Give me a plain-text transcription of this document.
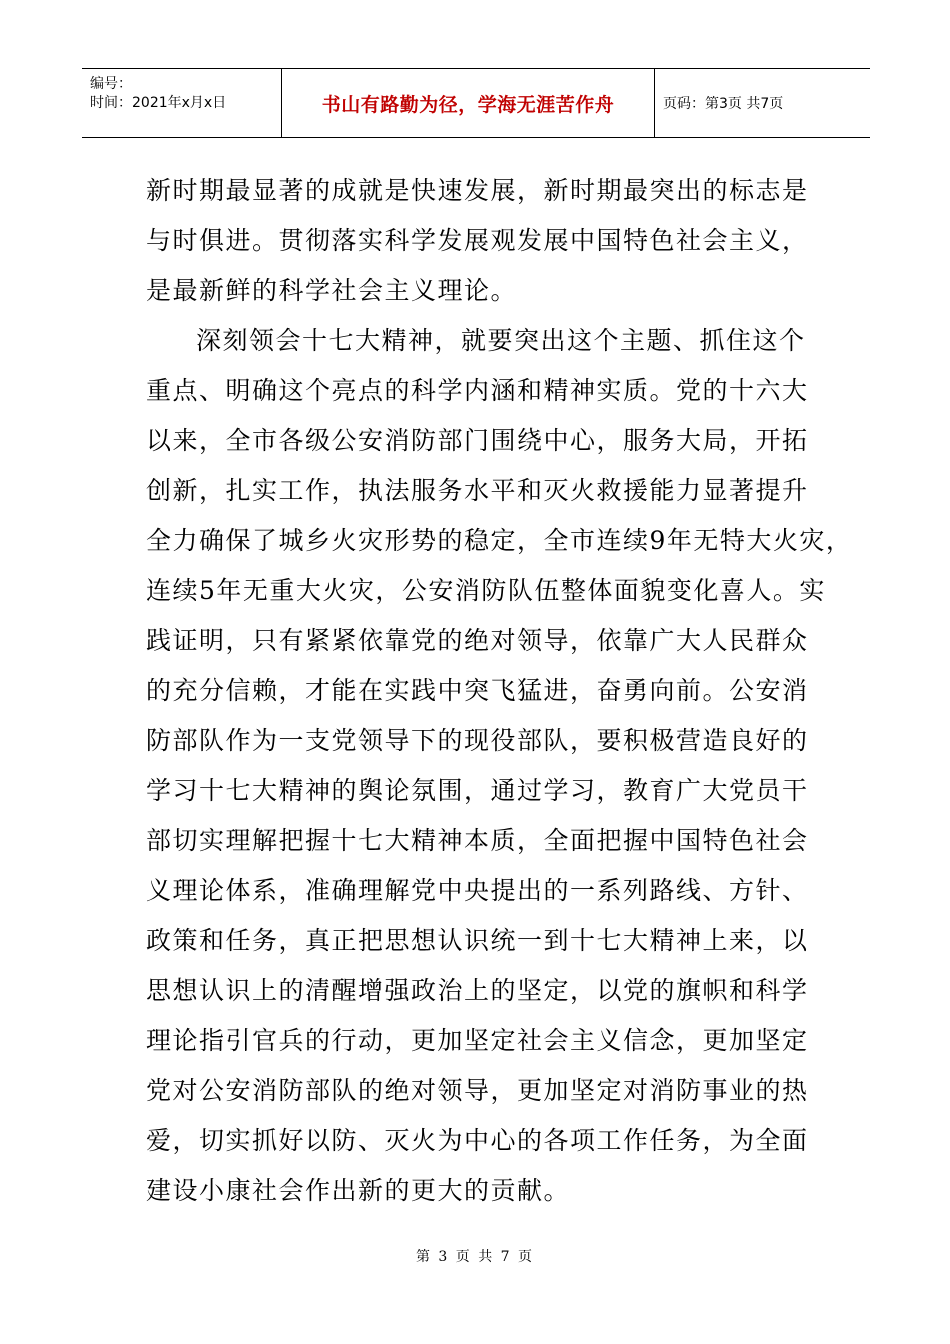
编号：
时间：2021年x月x日	书山有路勤为径，学海无涯苦作舟	页码：第3页 共7页
新时期最显著的成就是快速发展，新时期最突出的标志是
与时俱进。贯彻落实科学发展观发展中国特色社会主义，
是最新鲜的科学社会主义理论。
深刻领会十七大精神，就要突出这个主题、抓住这个
重点、明确这个亮点的科学内涵和精神实质。党的十六大
以来，全市各级公安消防部门围绕中心，服务大局，开拓
创新，扎实工作，执法服务水平和灭火救援能力显著提升
全力确保了城乡火灾形势的稳定，全市连续9年无特大火灾，
连续5年无重大火灾，公安消防队伍整体面貌变化喜人。实
践证明，只有紧紧依靠党的绝对领导，依靠广大人民群众
的充分信赖，才能在实践中突飞猛进，奋勇向前。公安消
防部队作为一支党领导下的现役部队，要积极营造良好的
学习十七大精神的舆论氛围，通过学习，教育广大党员干
部切实理解把握十七大精神本质，全面把握中国特色社会
义理论体系，准确理解党中央提出的一系列路线、方针、
政策和任务，真正把思想认识统一到十七大精神上来，以
思想认识上的清醒增强政治上的坚定，以党的旗帜和科学
理论指引官兵的行动，更加坚定社会主义信念，更加坚定
党对公安消防部队的绝对领导，更加坚定对消防事业的热
爱，切实抓好以防、灭火为中心的各项工作任务，为全面
建设小康社会作出新的更大的贡献。
第 3 页 共 7 页
